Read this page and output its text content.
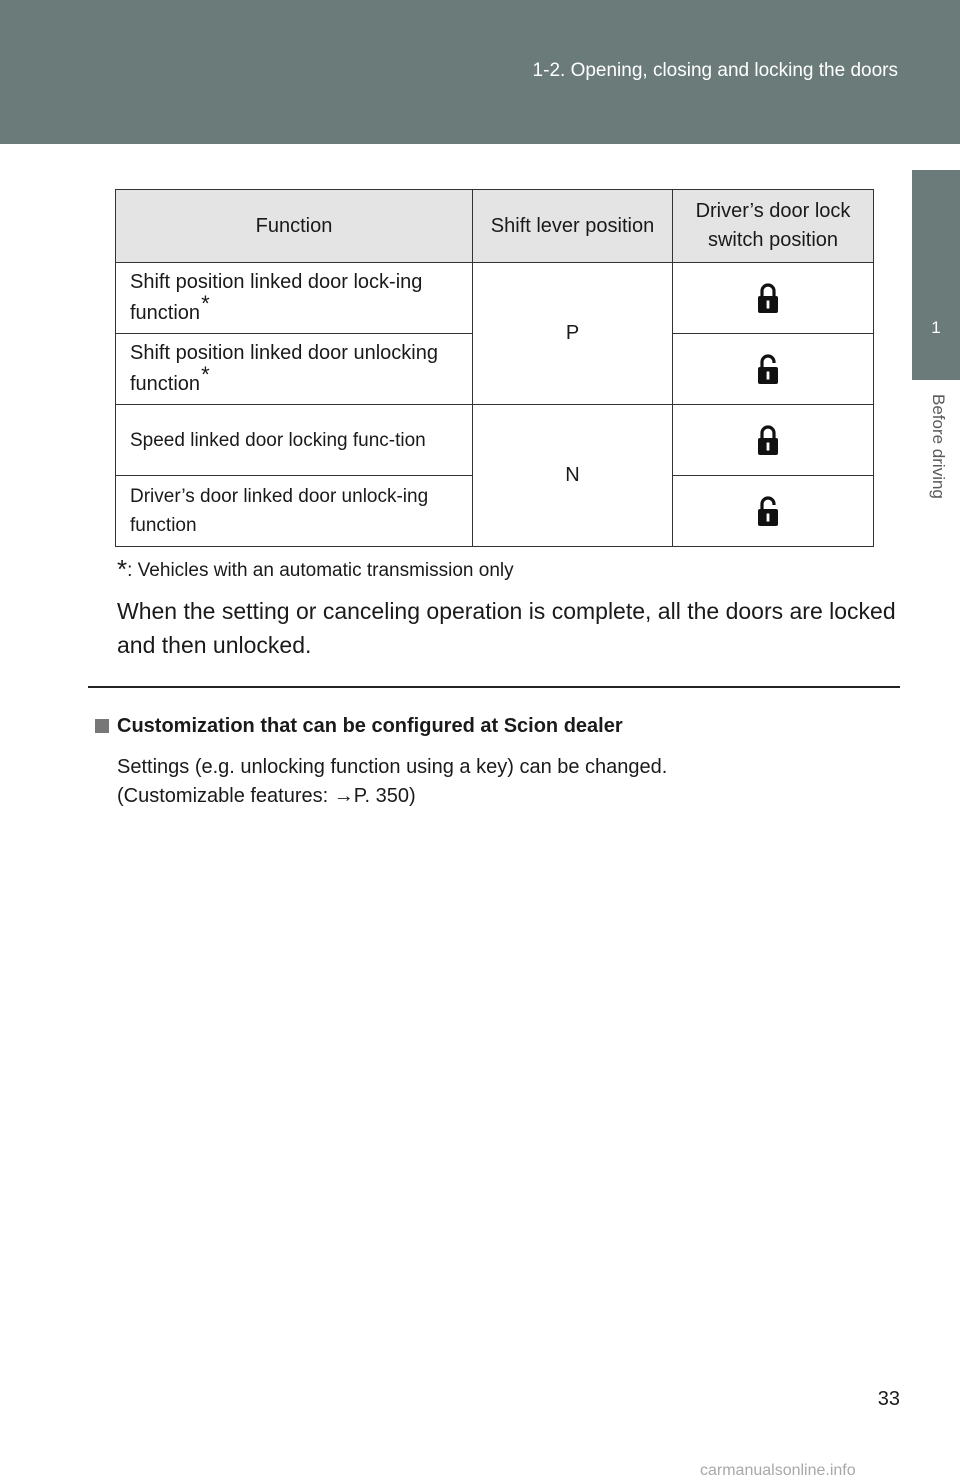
1-2. Opening, closing and locking the doors
1
Before driving
Function	Shift lever position	Driver’s door lock switch position
Shift position linked door lock-ing function*	P	

Shift position linked door unlocking function*	

Speed linked door locking func-tion	N	

Driver’s door linked door unlock-ing function	
*: Vehicles with an automatic transmission only
When the setting or canceling operation is complete, all the doors are locked and then unlocked.
Customization that can be configured at Scion dealer
Settings (e.g. unlocking function using a key) can be changed.
(Customizable features: →P. 350)
33
carmanualsonline.info
